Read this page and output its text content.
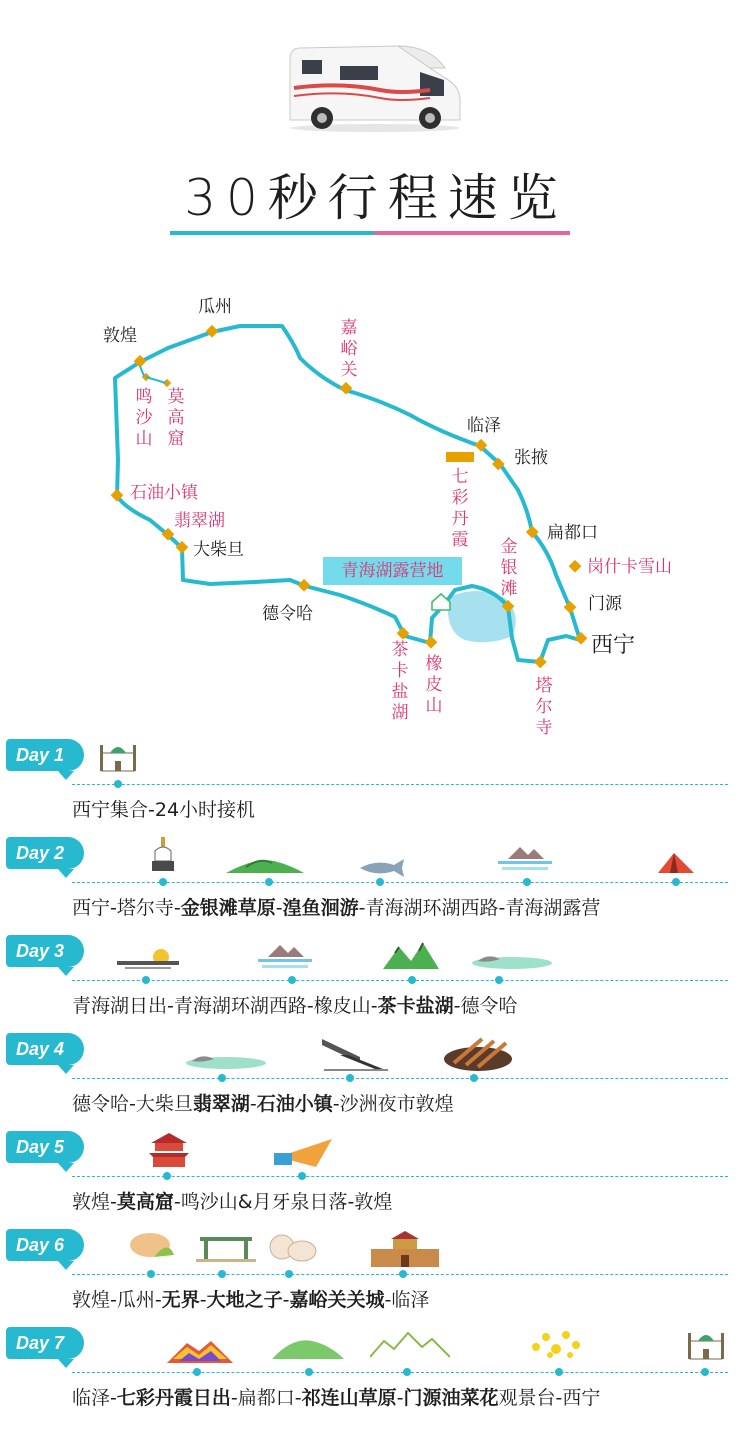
30秒行程速览
青海湖露营地
瓜州
敦煌
临泽
张掖
扁都口
门源
大柴旦
德令哈
西宁
嘉峪关
鸣沙山
莫高窟
石油小镇
翡翠湖
七彩丹霞 金银滩
岗什卡雪山
茶卡盐湖
橡皮山
塔尔寺
Day 1
西宁集合-24小时接机
Day 2
西宁-塔尔寺-金银滩草原-湟鱼洄游-青海湖环湖西路-青海湖露营
Day 3
青海湖日出-青海湖环湖西路-橡皮山-茶卡盐湖-德令哈
Day 4
德令哈-大柴旦翡翠湖-石油小镇-沙洲夜市敦煌
Day 5
敦煌-莫高窟-鸣沙山&月牙泉日落-敦煌
Day 6
敦煌-瓜州-无界-大地之子-嘉峪关关城-临泽
Day 7
临泽-七彩丹霞日出-扁都口-祁连山草原-门源油菜花观景台-西宁
